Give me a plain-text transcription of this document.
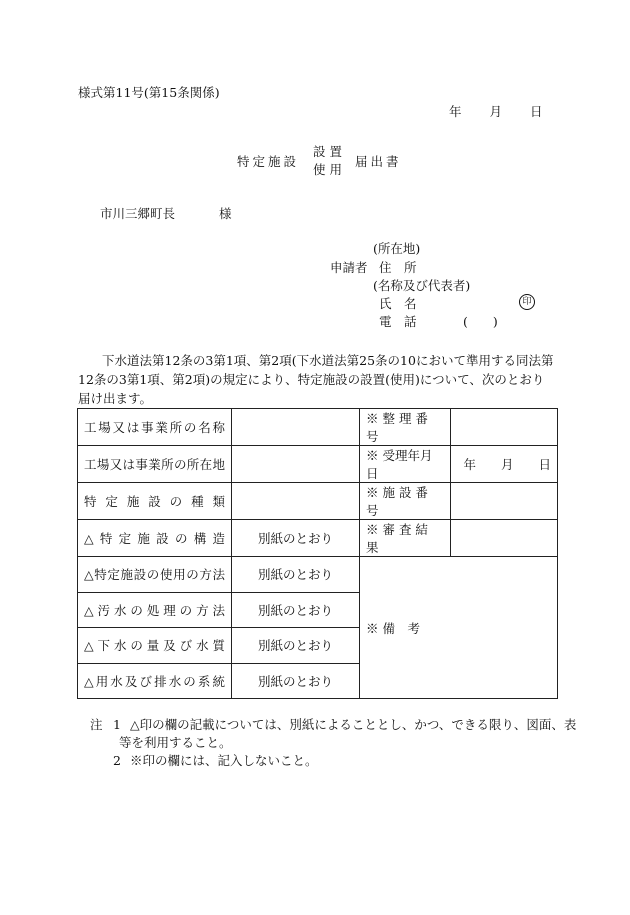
様式第11号(第15条関係)
年 月 日
特定施設
設置
使用
届出書
市川三郷町長	様
(所在地)
申請者 住　所
(名称及び代表者)
氏　名	印
電　話	(　　)
下水道法第12条の3第1項、第2項(下水道法第25条の10において準用する同法第12条の3第1項、第2項)の規定により、特定施設の設置(使用)について、次のとおり届け出ます。
工場又は事業所の名称		※ 整 理 番 号	
工場又は事業所の所在地		※ 受理年月日	年　　月　　日
特定施設の種類		※ 施 設 番 号	
△特定施設の構造	別紙のとおり	※ 審 査 結 果	
△特定施設の使用の方法	別紙のとおり	※ 備　考	
△汚水の処理の方法	別紙のとおり		
△下水の量及び水質	別紙のとおり		
△用水及び排水の系統	別紙のとおり		
注 1 △印の欄の記載については、別紙によることとし、かつ、できる限り、図面、表
等を利用すること。
2 ※印の欄には、記入しないこと。
